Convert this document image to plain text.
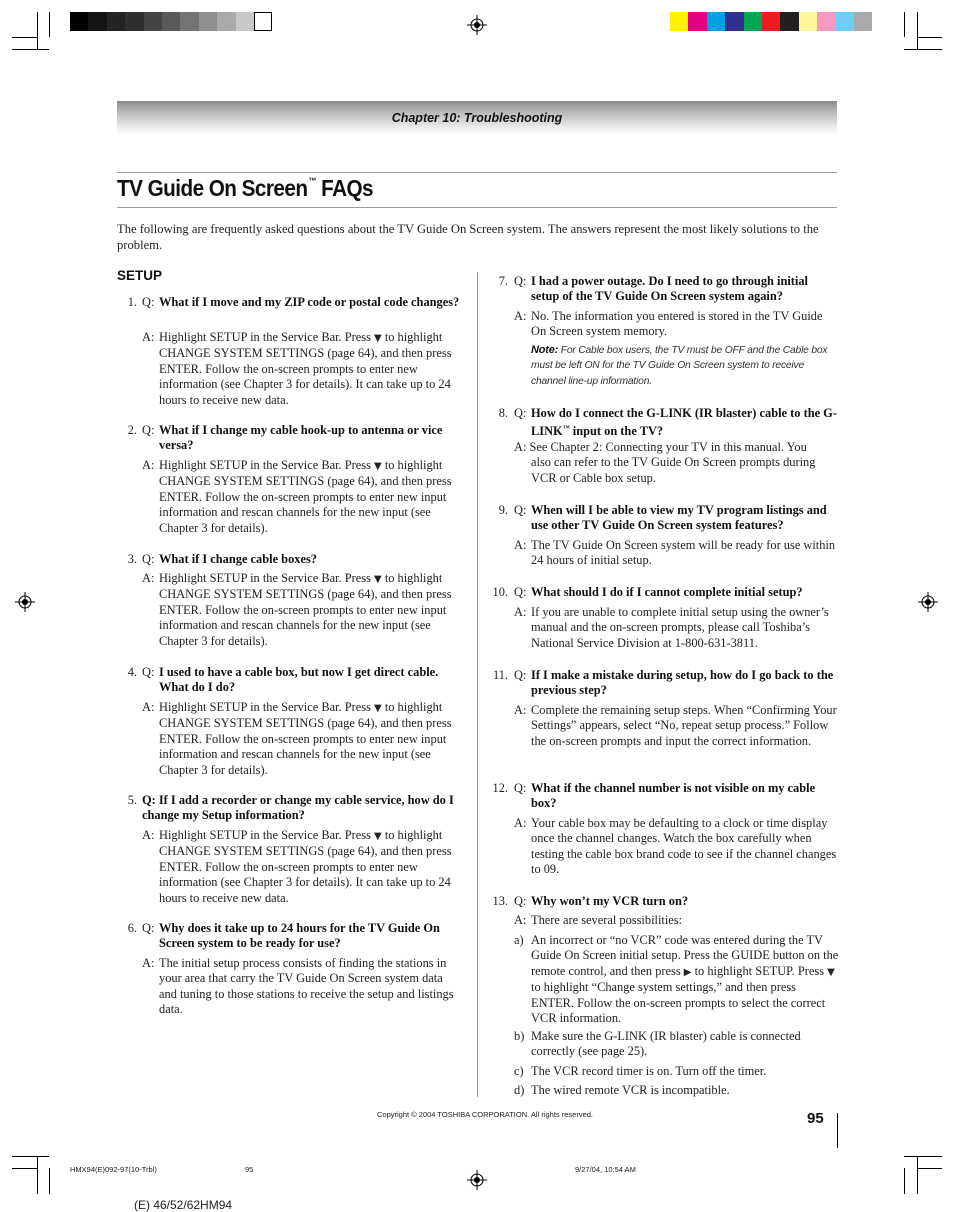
Chapter 10: Troubleshooting
TV Guide On Screen™ FAQs
The following are frequently asked questions about the TV Guide On Screen system. The answers represent the most likely solutions to the problem.
SETUP
1. Q: What if I move and my ZIP code or postal code changes?
A: Highlight SETUP in the Service Bar. Press ▼ to highlight CHANGE SYSTEM SETTINGS (page 64), and then press ENTER. Follow the on-screen prompts to enter new information (see Chapter 3 for details). It can take up to 24 hours to receive new data.
2. Q: What if I change my cable hook-up to antenna or vice versa?
A: Highlight SETUP in the Service Bar. Press ▼ to highlight CHANGE SYSTEM SETTINGS (page 64), and then press ENTER. Follow the on-screen prompts to enter new input information and rescan channels for the new input (see Chapter 3 for details).
3. Q: What if I change cable boxes?
A: Highlight SETUP in the Service Bar. Press ▼ to highlight CHANGE SYSTEM SETTINGS (page 64), and then press ENTER. Follow the on-screen prompts to enter new input information and rescan channels for the new input (see Chapter 3 for details).
4. Q: I used to have a cable box, but now I get direct cable. What do I do?
A: Highlight SETUP in the Service Bar. Press ▼ to highlight CHANGE SYSTEM SETTINGS (page 64), and then press ENTER. Follow the on-screen prompts to enter new input information and rescan channels for the new input (see Chapter 3 for details).
5. Q: If I add a recorder or change my cable service, how do I change my Setup information?
A: Highlight SETUP in the Service Bar. Press ▼ to highlight CHANGE SYSTEM SETTINGS (page 64), and then press ENTER. Follow the on-screen prompts to enter new information (see Chapter 3 for details). It can take up to 24 hours to receive new data.
6. Q: Why does it take up to 24 hours for the TV Guide On Screen system to be ready for use?
A: The initial setup process consists of finding the stations in your area that carry the TV Guide On Screen system data and tuning to those stations to receive the setup and listings data.
7. Q: I had a power outage. Do I need to go through initial setup of the TV Guide On Screen system again?
A: No. The information you entered is stored in the TV Guide On Screen system memory.
Note: For Cable box users, the TV must be OFF and the Cable box must be left ON for the TV Guide On Screen system to receive channel line-up information.
8. Q: How do I connect the G-LINK (IR blaster) cable to the G-LINK™ input on the TV?
A: See Chapter 2: Connecting your TV in this manual. You also can refer to the TV Guide On Screen prompts during VCR or Cable box setup.
9. Q: When will I be able to view my TV program listings and use other TV Guide On Screen system features?
A: The TV Guide On Screen system will be ready for use within 24 hours of initial setup.
10. Q: What should I do if I cannot complete initial setup?
A: If you are unable to complete initial setup using the owner’s manual and the on-screen prompts, please call Toshiba’s National Service Division at 1-800-631-3811.
11. Q: If I make a mistake during setup, how do I go back to the previous step?
A: Complete the remaining setup steps. When “Confirming Your Settings” appears, select “No, repeat setup process.” Follow the on-screen prompts and input the correct information.
12. Q: What if the channel number is not visible on my cable box?
A: Your cable box may be defaulting to a clock or time display once the channel changes. Watch the box carefully when testing the cable box brand code to see if the channel changes to 09.
13. Q: Why won’t my VCR turn on?
A: There are several possibilities:
a) An incorrect or “no VCR” code was entered during the TV Guide On Screen initial setup. Press the GUIDE button on the remote control, and then press ▶ to highlight SETUP. Press ▼ to highlight “Change system settings,” and then press ENTER. Follow the on-screen prompts to select the correct VCR information.
b) Make sure the G-LINK (IR blaster) cable is connected correctly (see page 25).
c) The VCR record timer is on. Turn off the timer.
d) The wired remote VCR is incompatible.
Copyright © 2004 TOSHIBA CORPORATION. All rights reserved.	95
HMX94(E)092-97(10-Trbl)	95	9/27/04, 10:54 AM
(E) 46/52/62HM94
